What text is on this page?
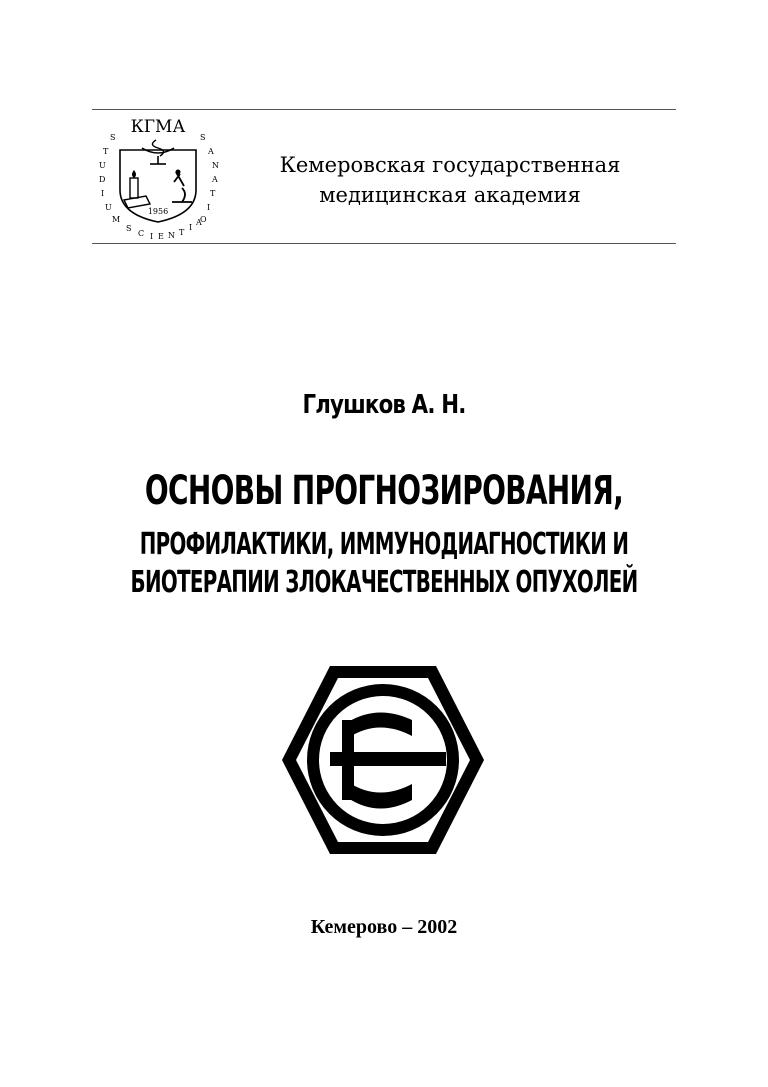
КГМА
S T U D I U M
S A N A T I O
S C I E N T I A
1956
Кемеровская государственная
медицинская академия
Глушков А. Н.
ОСНОВЫ ПРОГНОЗИРОВАНИЯ,
ПРОФИЛАКТИКИ, ИММУНОДИАГНОСТИКИ И
БИОТЕРАПИИ ЗЛОКАЧЕСТВЕННЫХ ОПУХОЛЕЙ
Кемерово – 2002
